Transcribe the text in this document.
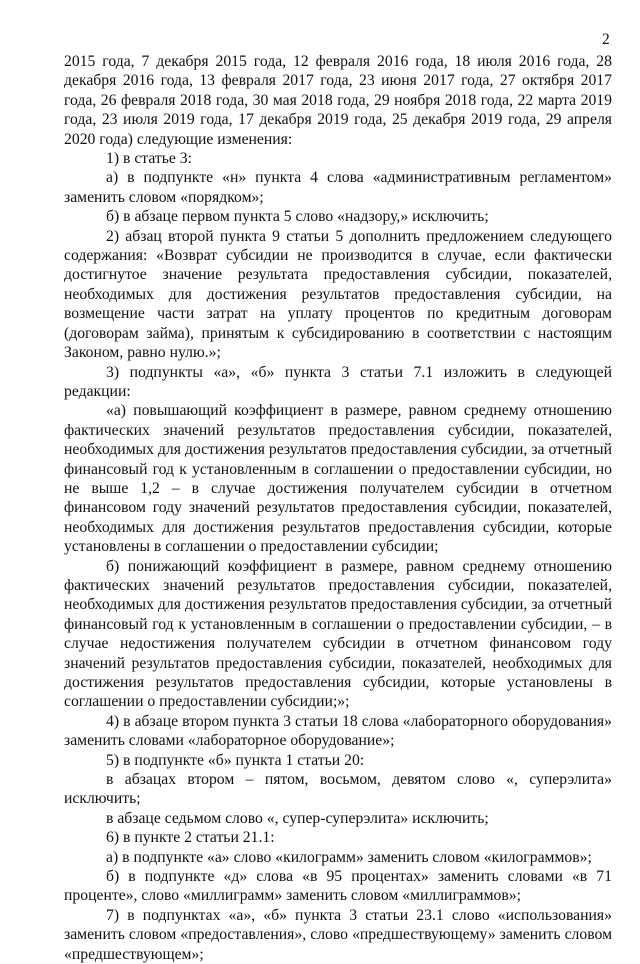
2

2015 года, 7 декабря 2015 года, 12 февраля 2016 года, 18 июля 2016 года, 28 декабря 2016 года, 13 февраля 2017 года, 23 июня 2017 года, 27 октября 2017 года, 26 февраля 2018 года, 30 мая 2018 года, 29 ноября 2018 года, 22 марта 2019 года, 23 июля 2019 года, 17 декабря 2019 года, 25 декабря 2019 года, 29 апреля 2020 года) следующие изменения:

1) в статье 3:

а) в подпункте «н» пункта 4 слова «административным регламентом» заменить словом «порядком»;

б) в абзаце первом пункта 5 слово «надзору,» исключить;

2) абзац второй пункта 9 статьи 5 дополнить предложением следующего содержания: «Возврат субсидии не производится в случае, если фактически достигнутое значение результата предоставления субсидии, показателей, необходимых для достижения результатов предоставления субсидии, на возмещение части затрат на уплату процентов по кредитным договорам (договорам займа), принятым к субсидированию в соответствии с настоящим Законом, равно нулю.»;

3) подпункты «а», «б» пункта 3 статьи 7.1 изложить в следующей редакции:

«а) повышающий коэффициент в размере, равном среднему отношению фактических значений результатов предоставления субсидии, показателей, необходимых для достижения результатов предоставления субсидии, за отчетный финансовый год к установленным в соглашении о предоставлении субсидии, но не выше 1,2 – в случае достижения получателем субсидии в отчетном финансовом году значений результатов предоставления субсидии, показателей, необходимых для достижения результатов предоставления субсидии, которые установлены в соглашении о предоставлении субсидии;

б) понижающий коэффициент в размере, равном среднему отношению фактических значений результатов предоставления субсидии, показателей, необходимых для достижения результатов предоставления субсидии, за отчетный финансовый год к установленным в соглашении о предоставлении субсидии, – в случае недостижения получателем субсидии в отчетном финансовом году значений результатов предоставления субсидии, показателей, необходимых для достижения результатов предоставления субсидии, которые установлены в соглашении о предоставлении субсидии;»;

4) в абзаце втором пункта 3 статьи 18 слова «лабораторного оборудования» заменить словами «лабораторное оборудование»;

5) в подпункте «б» пункта 1 статьи 20:

в абзацах втором – пятом, восьмом, девятом слово «, суперэлита» исключить;

в абзаце седьмом слово «, супер-суперэлита» исключить;

6) в пункте 2 статьи 21.1:

а) в подпункте «а» слово «килограмм» заменить словом «килограммов»;

б) в подпункте «д» слова «в 95 процентах» заменить словами «в 71 проценте», слово «миллиграмм» заменить словом «миллиграммов»;

7) в подпунктах «а», «б» пункта 3 статьи 23.1 слово «использования» заменить словом «предоставления», слово «предшествующему» заменить словом «предшествующем»;
